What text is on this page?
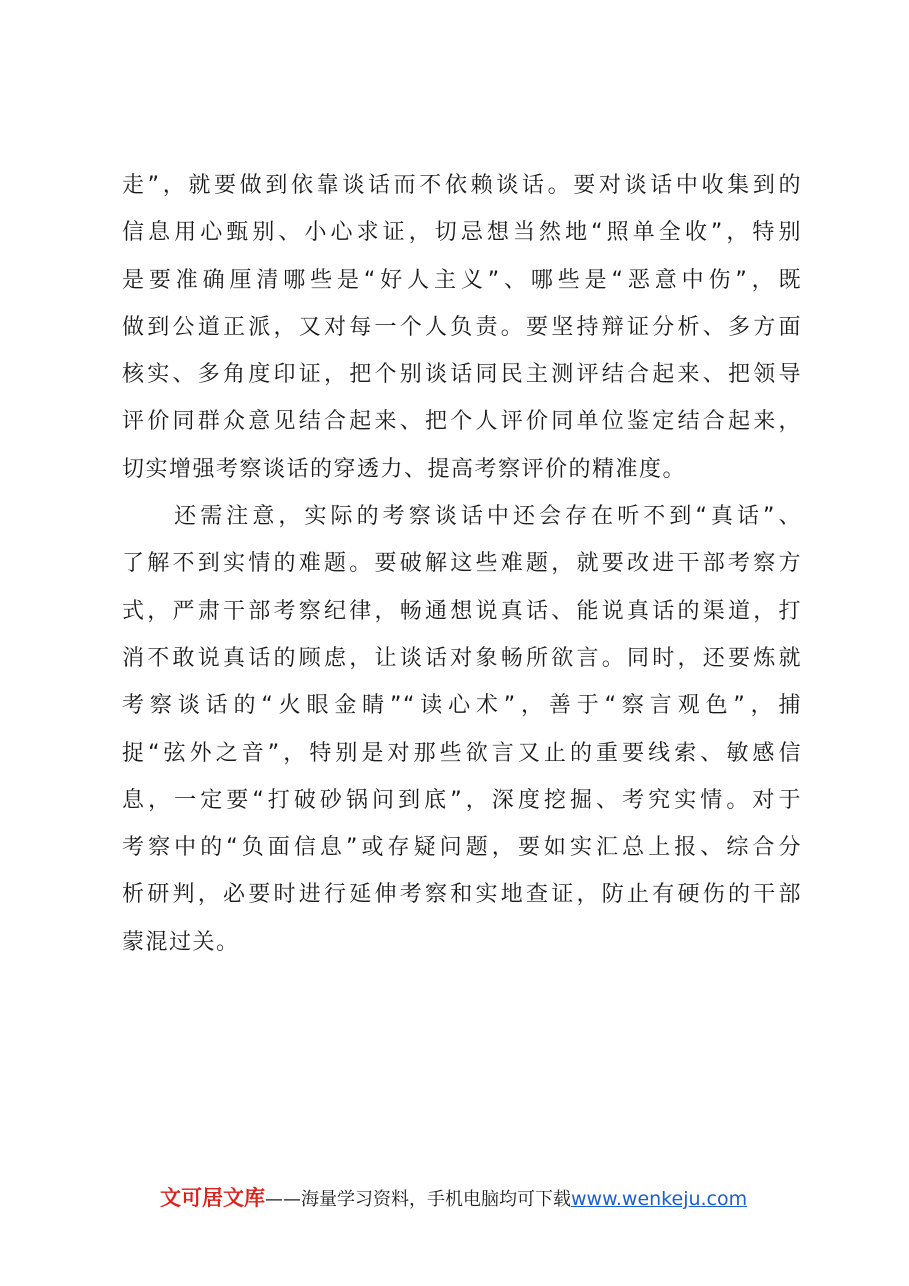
走”，就要做到依靠谈话而不依赖谈话。要对谈话中收集到的
信息用心甄别、小心求证，切忌想当然地“照单全收”，特别
是要准确厘清哪些是“好人主义”、哪些是“恶意中伤”，既
做到公道正派，又对每一个人负责。要坚持辩证分析、多方面
核实、多角度印证，把个别谈话同民主测评结合起来、把领导
评价同群众意见结合起来、把个人评价同单位鉴定结合起来，
切实增强考察谈话的穿透力、提高考察评价的精准度。
　　还需注意，实际的考察谈话中还会存在听不到“真话”、
了解不到实情的难题。要破解这些难题，就要改进干部考察方
式，严肃干部考察纪律，畅通想说真话、能说真话的渠道，打
消不敢说真话的顾虑，让谈话对象畅所欲言。同时，还要炼就
考察谈话的“火眼金睛”“读心术”，善于“察言观色”，捕
捉“弦外之音”，特别是对那些欲言又止的重要线索、敏感信
息，一定要“打破砂锅问到底”，深度挖掘、考究实情。对于
考察中的“负面信息”或存疑问题，要如实汇总上报、综合分
析研判，必要时进行延伸考察和实地查证，防止有硬伤的干部
蒙混过关。
文可居文库——海量学习资料，手机电脑均可下载www.wenkeju.com
